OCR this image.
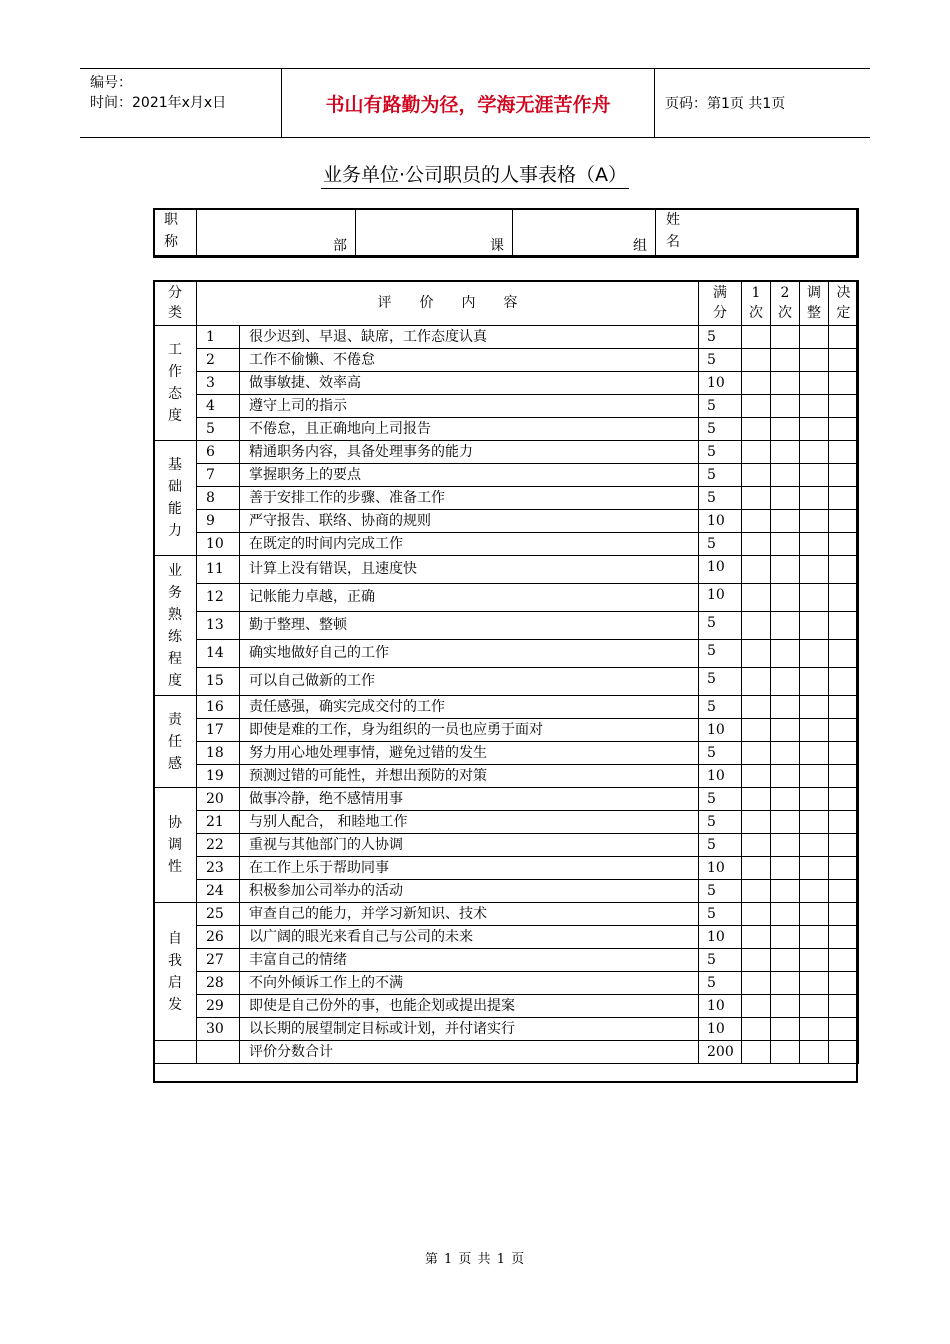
编号：
时间：2021年x月x日	书山有路勤为径，学海无涯苦作舟	页码：第1页 共1页
业务单位·公司职员的人事表格（A）
职称	部	课	组	
姓名
分类	评　　价　　内　　容		满分	1次	2次	调整	决定

工作态度	1	很少迟到、早退、缺席，工作态度认真	5				
	2	工作不偷懒、不倦怠	5				
	3	做事敏捷、效率高	10				
	4	遵守上司的指示	5				
	5	不倦怠，且正确地向上司报告	5				

基础能力	6	精通职务内容，具备处理事务的能力	5				
	7	掌握职务上的要点	5				
	8	善于安排工作的步骤、准备工作	5				
	9	严守报告、联络、协商的规则	10				
	10	在既定的时间内完成工作	5				

业务熟练程度	11	计算上没有错误，且速度快	10				
	12	记帐能力卓越，正确	10				
	13	勤于整理、整顿	5				
	14	确实地做好自己的工作	5				
	15	可以自己做新的工作	5				

责任感	16	责任感强，确实完成交付的工作	5				
	17	即使是难的工作，身为组织的一员也应勇于面对	10				
	18	努力用心地处理事情，避免过错的发生	5				
	19	预测过错的可能性，并想出预防的对策	10				

协调性	20	做事冷静，绝不感情用事	5				
	21	与别人配合， 和睦地工作	5				
	22	重视与其他部门的人协调	5				
	23	在工作上乐于帮助同事	10				
	24	积极参加公司举办的活动	5				

自我启发	25	审查自己的能力，并学习新知识、技术	5				
	26	以广阔的眼光来看自己与公司的未来	10				
	27	丰富自己的情绪	5				
	28	不向外倾诉工作上的不满	5				
	29	即使是自己份外的事，也能企划或提出提案	10				
	30	以长期的展望制定目标或计划，并付诸实行	10				
		评价分数合计	200				
第 1 页 共 1 页
